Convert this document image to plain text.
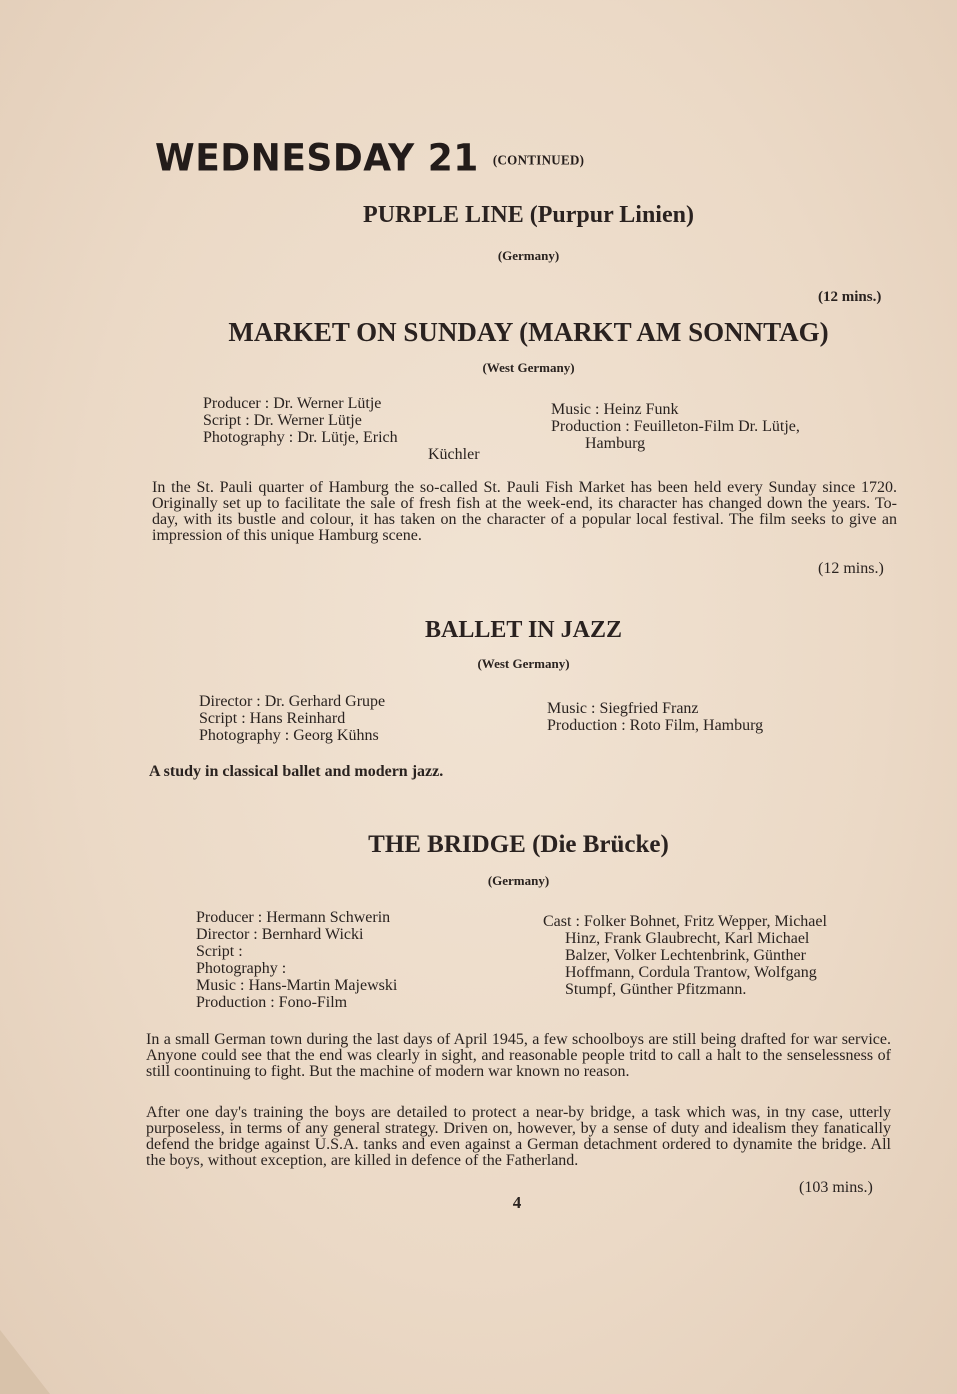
WEDNESDAY 21 (CONTINUED)
PURPLE LINE (Purpur Linien)
(Germany)
(12 mins.)
MARKET ON SUNDAY (MARKT AM SONNTAG)
(West Germany)
Producer : Dr. Werner Lütje
Script : Dr. Werner Lütje
Photography : Dr. Lütje, Erich
Küchler
Music : Heinz Funk
Production : Feuilleton-Film Dr. Lütje,
Hamburg

In the St. Pauli quarter of Hamburg the so-called St. Pauli Fish Market has been held every Sunday since 1720. Originally set up to facilitate the sale of fresh fish at the week-end, its character has changed down the years. To-day, with its bustle and colour, it has taken on the character of a popular local festival. The film seeks to give an impression of this unique Hamburg scene.

(12 mins.)
BALLET IN JAZZ
(West Germany)
Director : Dr. Gerhard Grupe
Script : Hans Reinhard
Photography : Georg Kühns
Music : Siegfried Franz
Production : Roto Film, Hamburg

A study in classical ballet and modern jazz.

THE BRIDGE (Die Brücke)
(Germany)
Producer : Hermann Schwerin
Director : Bernhard Wicki
Script :
Photography :
Music : Hans-Martin Majewski
Production : Fono-Film
Cast : Folker Bohnet, Fritz Wepper, Michael
Hinz, Frank Glaubrecht, Karl Michael
Balzer, Volker Lechtenbrink, Günther
Hoffmann, Cordula Trantow, Wolfgang
Stumpf, Günther Pfitzmann.

In a small German town during the last days of April 1945, a few schoolboys are still being drafted for war service. Anyone could see that the end was clearly in sight, and reasonable people tritd to call a halt to the senselessness of still coontinuing to fight. But the machine of modern war known no reason.

After one day's training the boys are detailed to protect a near-by bridge, a task which was, in tny case, utterly purposeless, in terms of any general strategy. Driven on, however, by a sense of duty and idealism they fanatically defend the bridge against U.S.A. tanks and even against a German detachment ordered to dynamite the bridge. All the boys, without exception, are killed in defence of the Fatherland.

(103 mins.)
4
